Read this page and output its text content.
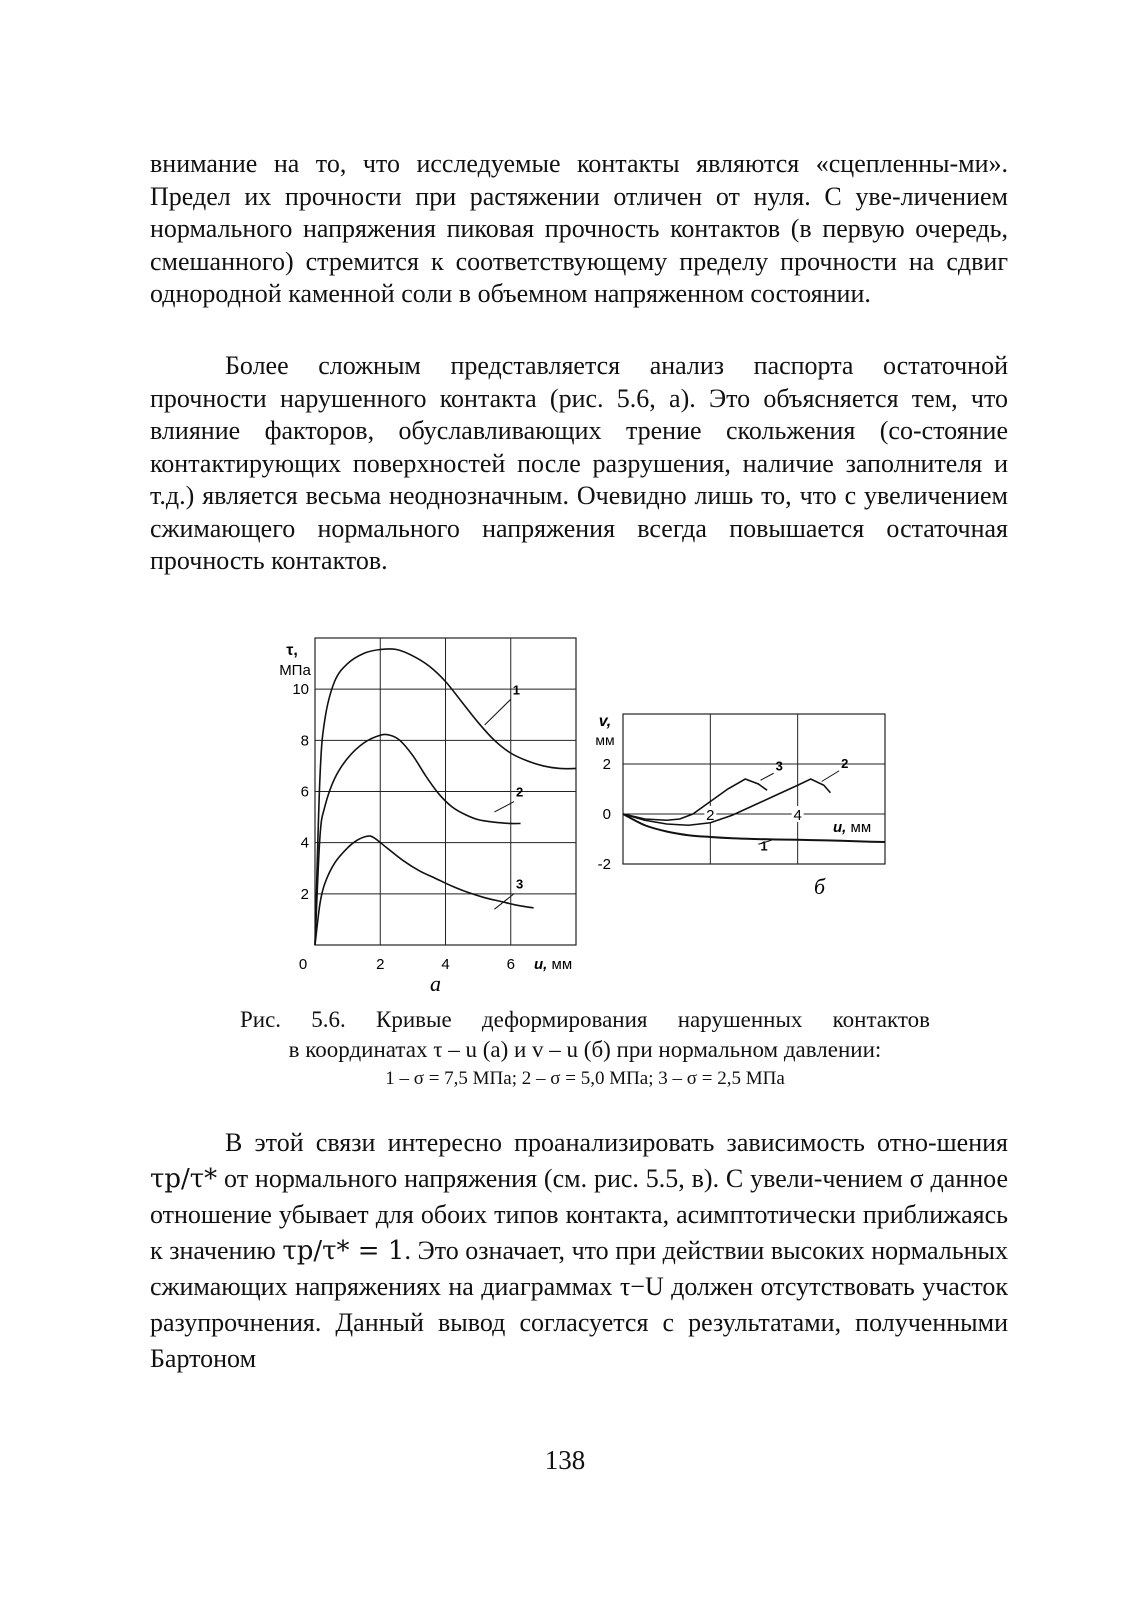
внимание на то, что исследуемые контакты являются «сцепленны-ми». Предел их прочности при растяжении отличен от нуля. С уве-личением нормального напряжения пиковая прочность контактов (в первую очередь, смешанного) стремится к соответствующему пределу прочности на сдвиг однородной каменной соли в объемном напряженном состоянии.

Более сложным представляется анализ паспорта остаточной прочности нарушенного контакта (рис. 5.6, а). Это объясняется тем, что влияние факторов, обуславливающих трение скольжения (со-стояние контактирующих поверхностей после разрушения, наличие заполнителя и т.д.) является весьма неоднозначным. Очевидно лишь то, что с увеличением сжимающего нормального напряжения всегда повышается остаточная прочность контактов.

2
4
6
8
10
0	2	4	6
τ,
МПа
u, мм
а
1
2
3
2
0
-2
2	4
v,
мм
u, мм
б
1
2
3
Рис. 5.6. Кривые деформирования нарушенных контактов
в координатах τ – u (а) и v – u (б) при нормальном давлении:
1 – σ = 7,5 МПа; 2 – σ = 5,0 МПа; 3 – σ = 2,5 МПа

В этой связи интересно проанализировать зависимость отно-шения τp/τ* от нормального напряжения (см. рис. 5.5, в). С увели-чением σ данное отношение убывает для обоих типов контакта, асимптотически приближаясь к значению τp/τ* = 1. Это означает, что при действии высоких нормальных сжимающих напряжениях на диаграммах τ−U должен отсутствовать участок разупрочнения. Данный вывод согласуется с результатами, полученными Бартоном

138
